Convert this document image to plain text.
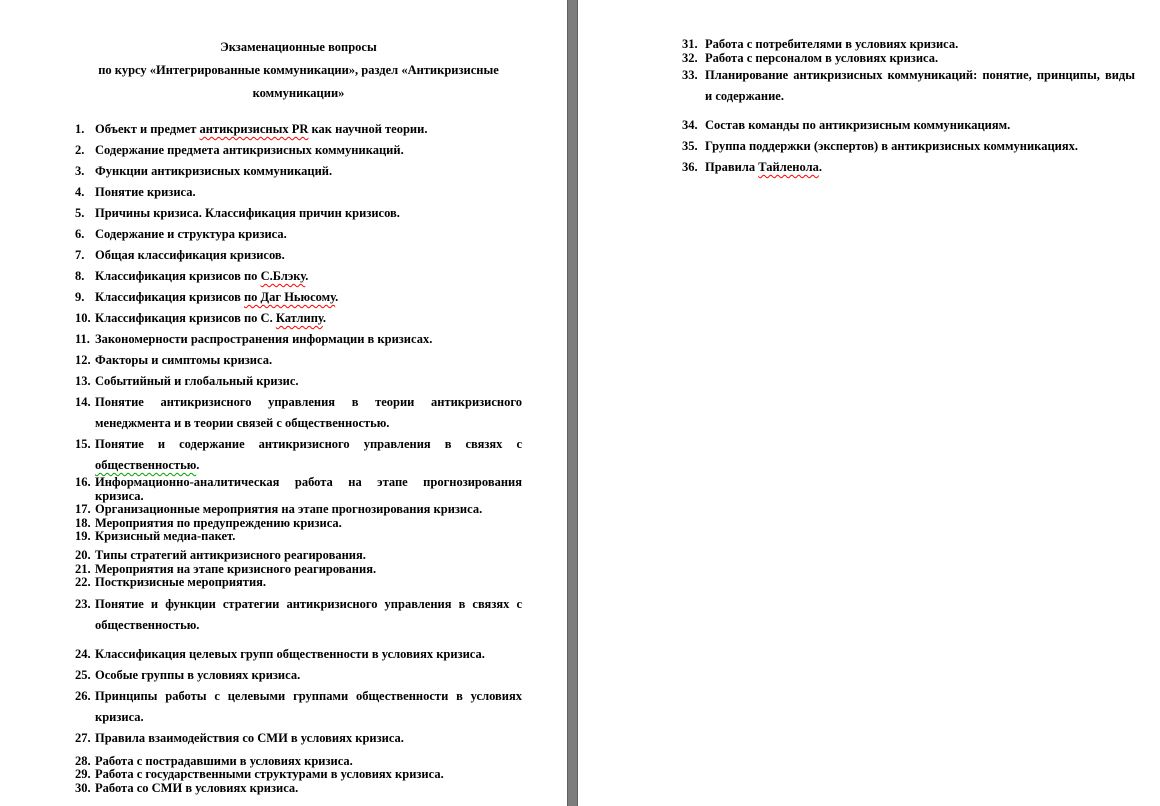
Экзаменационные вопросы
по курсу «Интегрированные коммуникации», раздел «Антикризисные
коммуникации»
1. Объект и предмет антикризисных PR как научной теории.
2. Содержание предмета антикризисных коммуникаций.
3. Функции антикризисных коммуникаций.
4. Понятие кризиса.
5. Причины кризиса. Классификация причин кризисов.
6. Содержание и структура кризиса.
7. Общая классификация кризисов.
8. Классификация кризисов по С.Блэку.
9. Классификация кризисов по Даг Ньюсому.
10. Классификация кризисов по С. Катлипу.
11. Закономерности распространения информации в кризисах.
12. Факторы и симптомы кризиса.
13. Событийный и глобальный кризис.
14. Понятие антикризисного управления в теории антикризисного менеджмента и в теории связей с общественностью.
15. Понятие и содержание антикризисного управления в связях с общественностью.
16. Информационно-аналитическая работа на этапе прогнозирования кризиса.
17. Организационные мероприятия на этапе прогнозирования кризиса.
18. Мероприятия по предупреждению кризиса.
19. Кризисный медиа-пакет.
20. Типы стратегий антикризисного реагирования.
21. Мероприятия на этапе кризисного реагирования.
22. Посткризисные мероприятия.
23. Понятие и функции стратегии антикризисного управления в связях с общественностью.
24. Классификация целевых групп общественности в условиях кризиса.
25. Особые группы в условиях кризиса.
26. Принципы работы с целевыми группами общественности в условиях кризиса.
27. Правила взаимодействия со СМИ в условиях кризиса.
28. Работа с пострадавшими в условиях кризиса.
29. Работа с государственными структурами в условиях кризиса.
30. Работа со СМИ в условиях кризиса.
31. Работа с потребителями в условиях кризиса.
32. Работа с персоналом в условиях кризиса.
33. Планирование антикризисных коммуникаций: понятие, принципы, виды и содержание.
34. Состав команды по антикризисным коммуникациям.
35. Группа поддержки (экспертов) в антикризисных коммуникациях.
36. Правила Тайленола.
